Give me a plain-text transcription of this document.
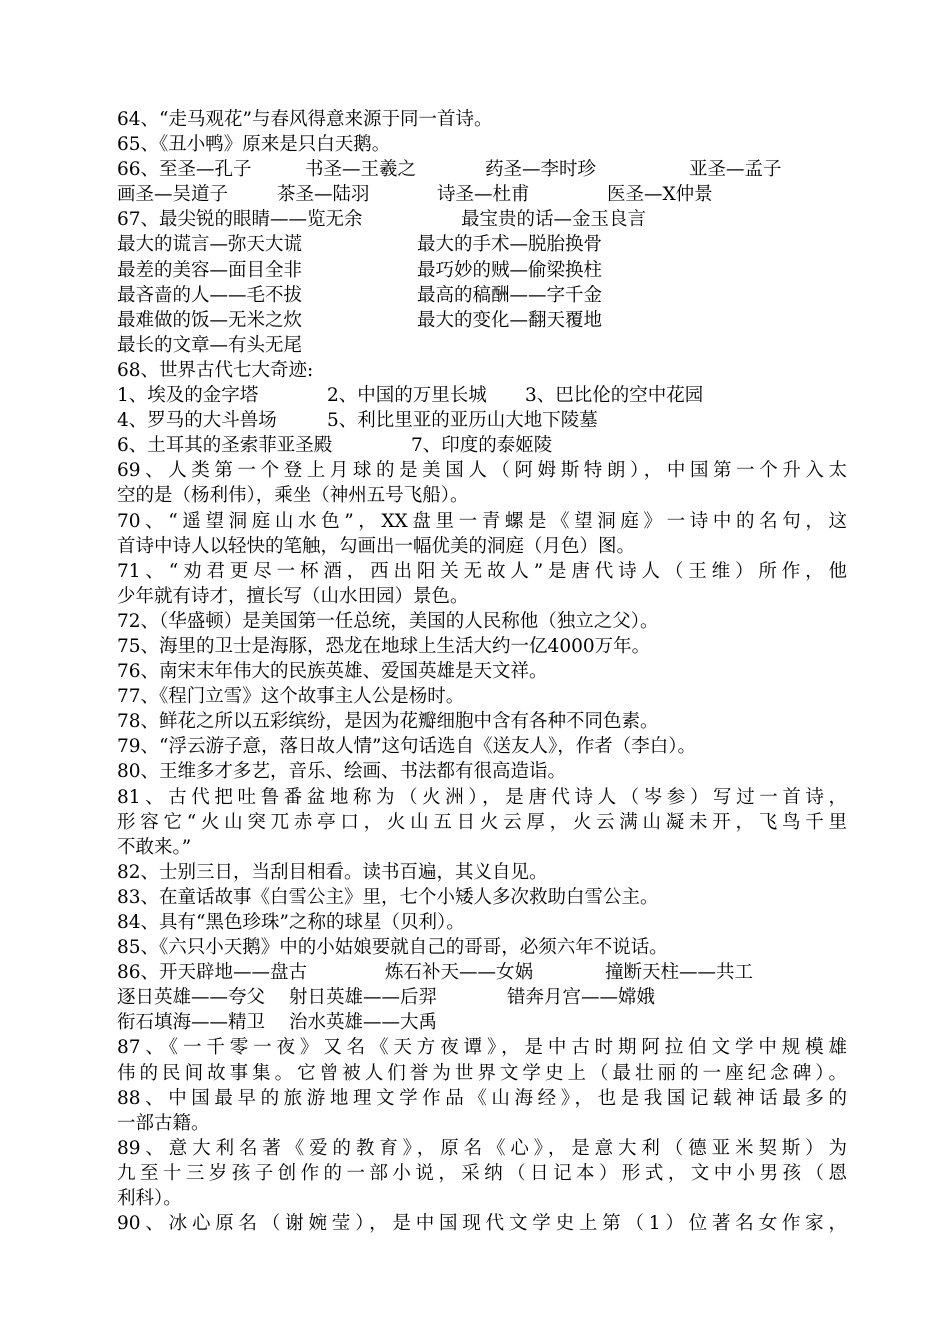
64、“走马观花”与春风得意来源于同一首诗。
65、《丑小鸭》原来是只白天鹅。
66、至圣—孔子	书圣—王羲之	药圣—李时珍	亚圣—孟子
画圣—吴道子	茶圣—陆羽	诗圣—杜甫	医圣—X仲景
67、最尖锐的眼睛——览无余	最宝贵的话—金玉良言
最大的谎言—弥天大谎	最大的手术—脱胎换骨
最差的美容—面目全非	最巧妙的贼—偷梁换柱
最吝啬的人——毛不拔	最高的稿酬——字千金
最难做的饭—无米之炊	最大的变化—翻天覆地
最长的文章—有头无尾
68、世界古代七大奇迹:
1、埃及的金字塔	2、中国的万里长城 3、巴比伦的空中花园
4、罗马的大斗兽场	5、利比里亚的亚历山大地下陵墓
6、土耳其的圣索菲亚圣殿	7、印度的泰姬陵
69、人类第一个登上月球的是美国人（阿姆斯特朗），中国第一个升入太
空的是（杨利伟），乘坐（神州五号飞船）。
70、“遥望洞庭山水色”，XX盘里一青螺是《望洞庭》一诗中的名句，这
首诗中诗人以轻快的笔触，勾画出一幅优美的洞庭（月色）图。
71、“劝君更尽一杯酒，西出阳关无故人”是唐代诗人（王维）所作，他
少年就有诗才，擅长写（山水田园）景色。
72、（华盛顿）是美国第一任总统，美国的人民称他（独立之父）。
75、海里的卫士是海豚，恐龙在地球上生活大约一亿4000万年。
76、南宋末年伟大的民族英雄、爱国英雄是天文祥。
77、《程门立雪》这个故事主人公是杨时。
78、鲜花之所以五彩缤纷，是因为花瓣细胞中含有各种不同色素。
79、“浮云游子意，落日故人情”这句话选自《送友人》，作者（李白）。
80、王维多才多艺，音乐、绘画、书法都有很高造诣。
81、古代把吐鲁番盆地称为（火洲），是唐代诗人（岑参）写过一首诗，
形容它“火山突兀赤亭口，火山五日火云厚，火云满山凝未开，飞鸟千里
不敢来。”
82、士别三日，当刮目相看。读书百遍，其义自见。
83、在童话故事《白雪公主》里，七个小矮人多次救助白雪公主。
84、具有“黑色珍珠”之称的球星（贝利）。
85、《六只小天鹅》中的小姑娘要就自己的哥哥，必须六年不说话。
86、开天辟地——盘古	炼石补天——女娲	撞断天柱——共工
逐日英雄——夸父 射日英雄——后羿	错奔月宫——嫦娥
衔石填海——精卫 治水英雄——大禹
87、《一千零一夜》又名《天方夜谭》，是中古时期阿拉伯文学中规模雄
伟的民间故事集。它曾被人们誉为世界文学史上（最壮丽的一座纪念碑）。
88、中国最早的旅游地理文学作品《山海经》，也是我国记载神话最多的
一部古籍。
89、意大利名著《爱的教育》，原名《心》，是意大利（德亚米契斯）为
九至十三岁孩子创作的一部小说，采纳（日记本）形式，文中小男孩（恩
利科）。
90、冰心原名（谢婉莹），是中国现代文学史上第（1）位著名女作家，
